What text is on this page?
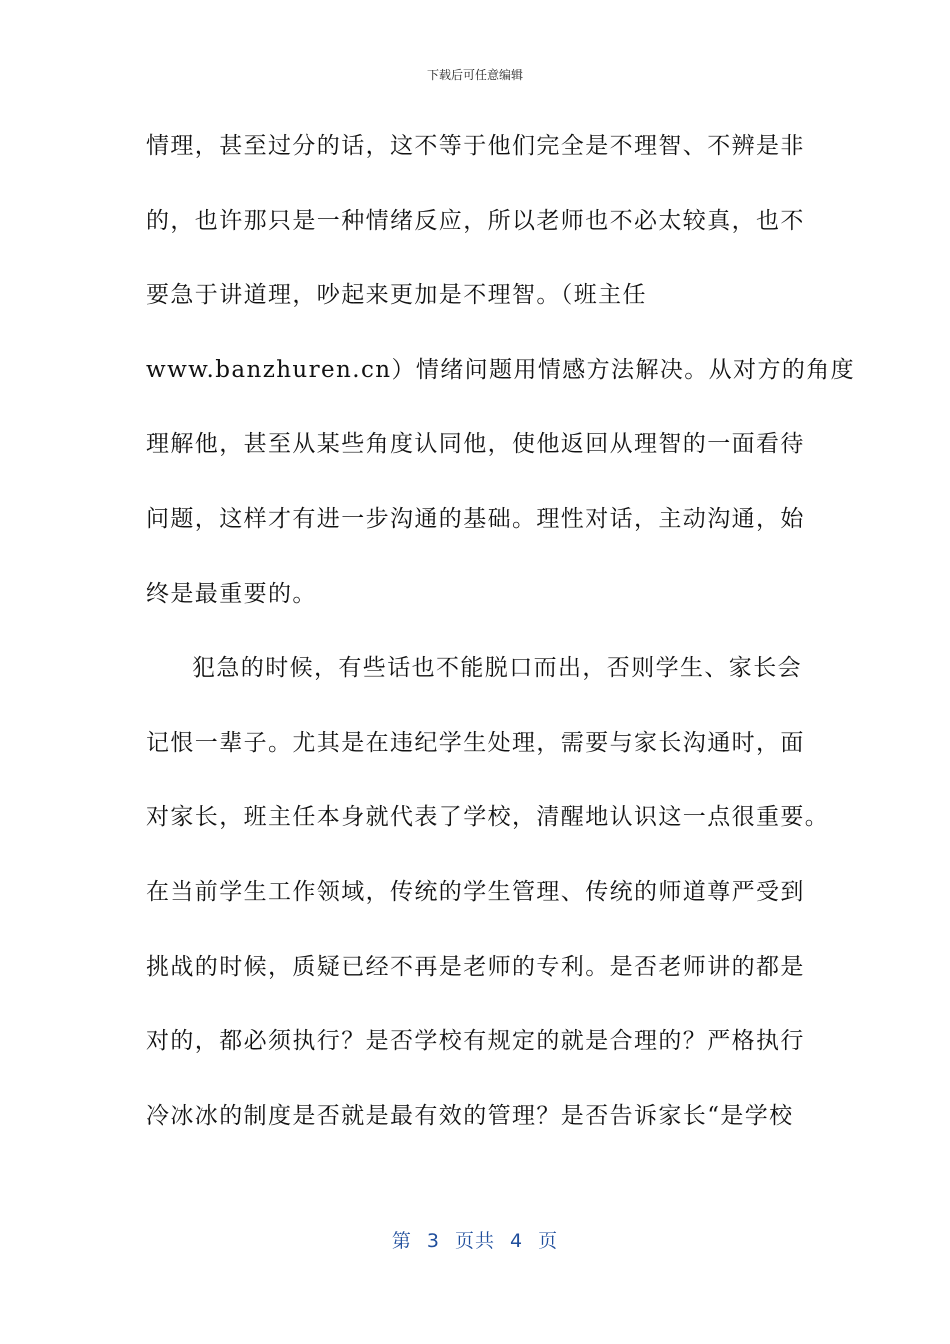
下载后可任意编辑
情理，甚至过分的话，这不等于他们完全是不理智、不辨是非
的，也许那只是一种情绪反应，所以老师也不必太较真，也不
要急于讲道理，吵起来更加是不理智。（班主任
www.banzhuren.cn）情绪问题用情感方法解决。从对方的角度
理解他，甚至从某些角度认同他，使他返回从理智的一面看待
问题，这样才有进一步沟通的基础。理性对话，主动沟通，始
终是最重要的。
犯急的时候，有些话也不能脱口而出，否则学生、家长会
记恨一辈子。尤其是在违纪学生处理，需要与家长沟通时，面
对家长，班主任本身就代表了学校，清醒地认识这一点很重要。
在当前学生工作领域，传统的学生管理、传统的师道尊严受到
挑战的时候，质疑已经不再是老师的专利。是否老师讲的都是
对的，都必须执行？是否学校有规定的就是合理的？严格执行
冷冰冰的制度是否就是最有效的管理？是否告诉家长“是学校
第 3 页共 4 页
